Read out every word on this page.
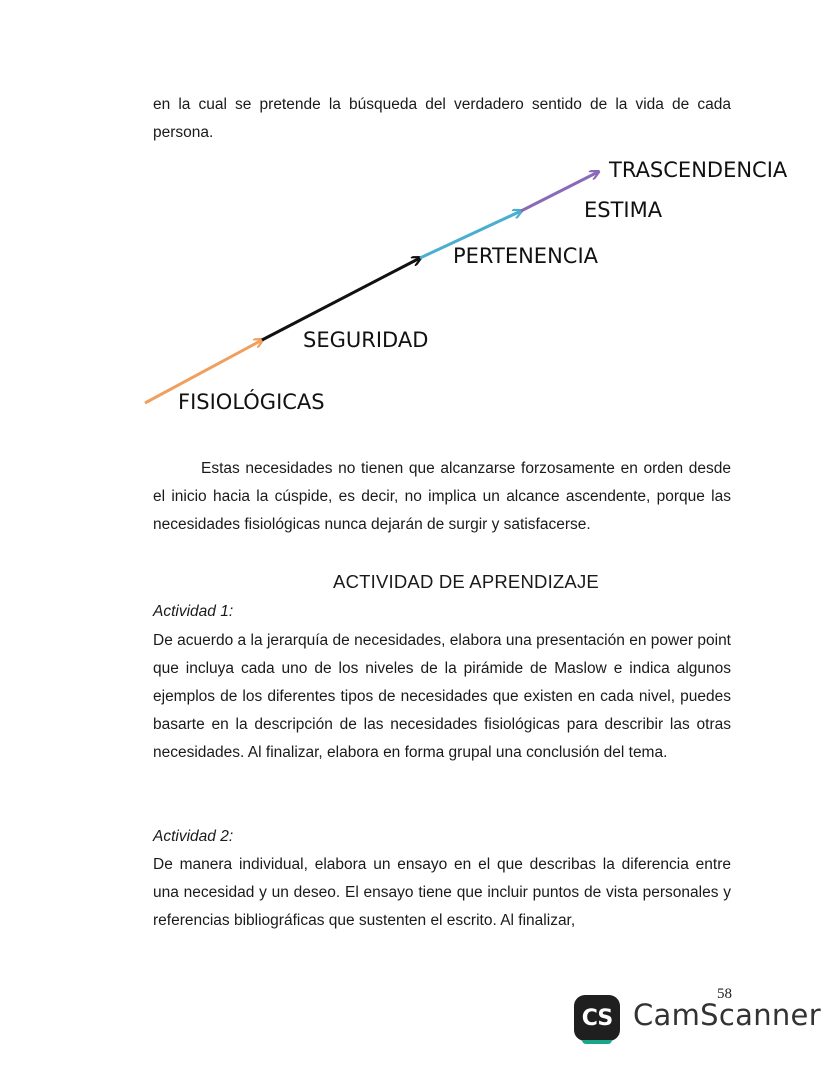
en la cual se pretende la búsqueda del verdadero sentido de la vida de cada persona.

TRASCENDENCIA
ESTIMA
PERTENENCIA
SEGURIDAD
FISIOLÓGICAS

Estas necesidades no tienen que alcanzarse forzosamente en orden desde el inicio hacia la cúspide, es decir, no implica un alcance ascendente, porque las necesidades fisiológicas nunca dejarán de surgir y satisfacerse.

ACTIVIDAD DE APRENDIZAJE

Actividad 1:

De acuerdo a la jerarquía de necesidades, elabora una presentación en power point que incluya cada uno de los niveles de la pirámide de Maslow e indica algunos ejemplos de los diferentes tipos de necesidades que existen en cada nivel, puedes basarte en la descripción de las necesidades fisiológicas para describir las otras necesidades. Al finalizar, elabora en forma grupal una conclusión del tema.

Actividad 2:

De manera individual, elabora un ensayo en el que describas la diferencia entre una necesidad y un deseo. El ensayo tiene que incluir puntos de vista personales y referencias bibliográficas que sustenten el escrito. Al finalizar,

58
CS CamScanner
